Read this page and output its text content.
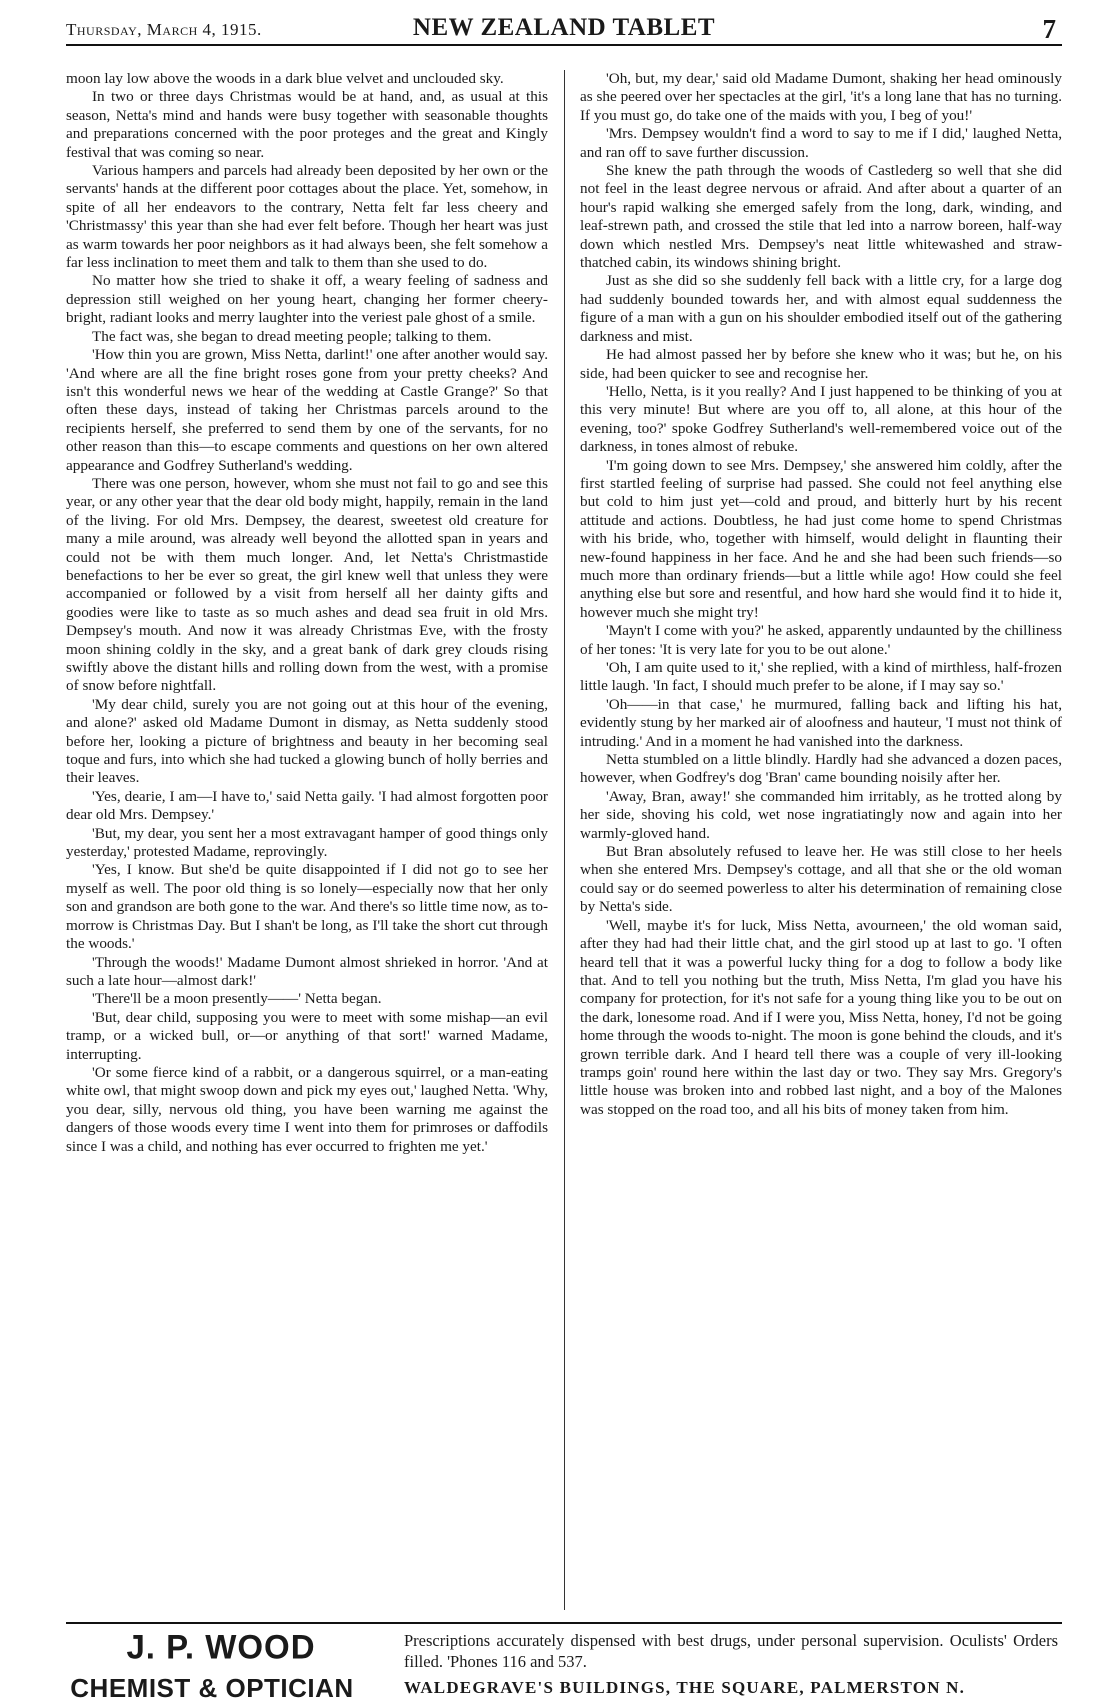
Thursday, March 4, 1915.	NEW ZEALAND TABLET	7

moon lay low above the woods in a dark blue velvet and unclouded sky.

In two or three days Christmas would be at hand, and, as usual at this season, Netta's mind and hands were busy together with seasonable thoughts and preparations concerned with the poor proteges and the great and Kingly festival that was coming so near.

Various hampers and parcels had already been deposited by her own or the servants' hands at the different poor cottages about the place. Yet, somehow, in spite of all her endeavors to the contrary, Netta felt far less cheery and 'Christmassy' this year than she had ever felt before. Though her heart was just as warm towards her poor neighbors as it had always been, she felt somehow a far less inclination to meet them and talk to them than she used to do.

No matter how she tried to shake it off, a weary feeling of sadness and depression still weighed on her young heart, changing her former cheery-bright, radiant looks and merry laughter into the veriest pale ghost of a smile.

The fact was, she began to dread meeting people; talking to them.

'How thin you are grown, Miss Netta, darlint!' one after another would say. 'And where are all the fine bright roses gone from your pretty cheeks? And isn't this wonderful news we hear of the wedding at Castle Grange?' So that often these days, instead of taking her Christmas parcels around to the recipients herself, she preferred to send them by one of the servants, for no other reason than this—to escape comments and questions on her own altered appearance and Godfrey Sutherland's wedding.

There was one person, however, whom she must not fail to go and see this year, or any other year that the dear old body might, happily, remain in the land of the living. For old Mrs. Dempsey, the dearest, sweetest old creature for many a mile around, was already well beyond the allotted span in years and could not be with them much longer. And, let Netta's Christmastide benefactions to her be ever so great, the girl knew well that unless they were accompanied or followed by a visit from herself all her dainty gifts and goodies were like to taste as so much ashes and dead sea fruit in old Mrs. Dempsey's mouth. And now it was already Christmas Eve, with the frosty moon shining coldly in the sky, and a great bank of dark grey clouds rising swiftly above the distant hills and rolling down from the west, with a promise of snow before nightfall.

'My dear child, surely you are not going out at this hour of the evening, and alone?' asked old Madame Dumont in dismay, as Netta suddenly stood before her, looking a picture of brightness and beauty in her becoming seal toque and furs, into which she had tucked a glowing bunch of holly berries and their leaves.

'Yes, dearie, I am—I have to,' said Netta gaily. 'I had almost forgotten poor dear old Mrs. Dempsey.'

'But, my dear, you sent her a most extravagant hamper of good things only yesterday,' protested Madame, reprovingly.

'Yes, I know. But she'd be quite disappointed if I did not go to see her myself as well. The poor old thing is so lonely—especially now that her only son and grandson are both gone to the war. And there's so little time now, as to-morrow is Christmas Day. But I shan't be long, as I'll take the short cut through the woods.'

'Through the woods!' Madame Dumont almost shrieked in horror. 'And at such a late hour—almost dark!'

'There'll be a moon presently——' Netta began.

'But, dear child, supposing you were to meet with some mishap—an evil tramp, or a wicked bull, or—or anything of that sort!' warned Madame, interrupting.

'Or some fierce kind of a rabbit, or a dangerous squirrel, or a man-eating white owl, that might swoop down and pick my eyes out,' laughed Netta. 'Why, you dear, silly, nervous old thing, you have been warning me against the dangers of those woods every time I went into them for primroses or daffodils since I was a child, and nothing has ever occurred to frighten me yet.'

'Oh, but, my dear,' said old Madame Dumont, shaking her head ominously as she peered over her spectacles at the girl, 'it's a long lane that has no turning. If you must go, do take one of the maids with you, I beg of you!'

'Mrs. Dempsey wouldn't find a word to say to me if I did,' laughed Netta, and ran off to save further discussion.

She knew the path through the woods of Castlederg so well that she did not feel in the least degree nervous or afraid. And after about a quarter of an hour's rapid walking she emerged safely from the long, dark, winding, and leaf-strewn path, and crossed the stile that led into a narrow boreen, half-way down which nestled Mrs. Dempsey's neat little whitewashed and straw-thatched cabin, its windows shining bright.

Just as she did so she suddenly fell back with a little cry, for a large dog had suddenly bounded towards her, and with almost equal suddenness the figure of a man with a gun on his shoulder embodied itself out of the gathering darkness and mist.

He had almost passed her by before she knew who it was; but he, on his side, had been quicker to see and recognise her.

'Hello, Netta, is it you really? And I just happened to be thinking of you at this very minute! But where are you off to, all alone, at this hour of the evening, too?' spoke Godfrey Sutherland's well-remembered voice out of the darkness, in tones almost of rebuke.

'I'm going down to see Mrs. Dempsey,' she answered him coldly, after the first startled feeling of surprise had passed. She could not feel anything else but cold to him just yet—cold and proud, and bitterly hurt by his recent attitude and actions. Doubtless, he had just come home to spend Christmas with his bride, who, together with himself, would delight in flaunting their new-found happiness in her face. And he and she had been such friends—so much more than ordinary friends—but a little while ago! How could she feel anything else but sore and resentful, and how hard she would find it to hide it, however much she might try!

'Mayn't I come with you?' he asked, apparently undaunted by the chilliness of her tones: 'It is very late for you to be out alone.'

'Oh, I am quite used to it,' she replied, with a kind of mirthless, half-frozen little laugh. 'In fact, I should much prefer to be alone, if I may say so.'

'Oh——in that case,' he murmured, falling back and lifting his hat, evidently stung by her marked air of aloofness and hauteur, 'I must not think of intruding.' And in a moment he had vanished into the darkness.

Netta stumbled on a little blindly. Hardly had she advanced a dozen paces, however, when Godfrey's dog 'Bran' came bounding noisily after her.

'Away, Bran, away!' she commanded him irritably, as he trotted along by her side, shoving his cold, wet nose ingratiatingly now and again into her warmly-gloved hand.

But Bran absolutely refused to leave her. He was still close to her heels when she entered Mrs. Dempsey's cottage, and all that she or the old woman could say or do seemed powerless to alter his determination of remaining close by Netta's side.

'Well, maybe it's for luck, Miss Netta, avourneen,' the old woman said, after they had had their little chat, and the girl stood up at last to go. 'I often heard tell that it was a powerful lucky thing for a dog to follow a body like that. And to tell you nothing but the truth, Miss Netta, I'm glad you have his company for protection, for it's not safe for a young thing like you to be out on the dark, lonesome road. And if I were you, Miss Netta, honey, I'd not be going home through the woods to-night. The moon is gone behind the clouds, and it's grown terrible dark. And I heard tell there was a couple of very ill-looking tramps goin' round here within the last day or two. They say Mrs. Gregory's little house was broken into and robbed last night, and a boy of the Malones was stopped on the road too, and all his bits of money taken from him.

J. P. WOOD
CHEMIST & OPTICIAN
Prescriptions accurately dispensed with best drugs, under personal supervision. Oculists' Orders filled. 'Phones 116 and 537.
WALDEGRAVE'S BUILDINGS, THE SQUARE, PALMERSTON N.
